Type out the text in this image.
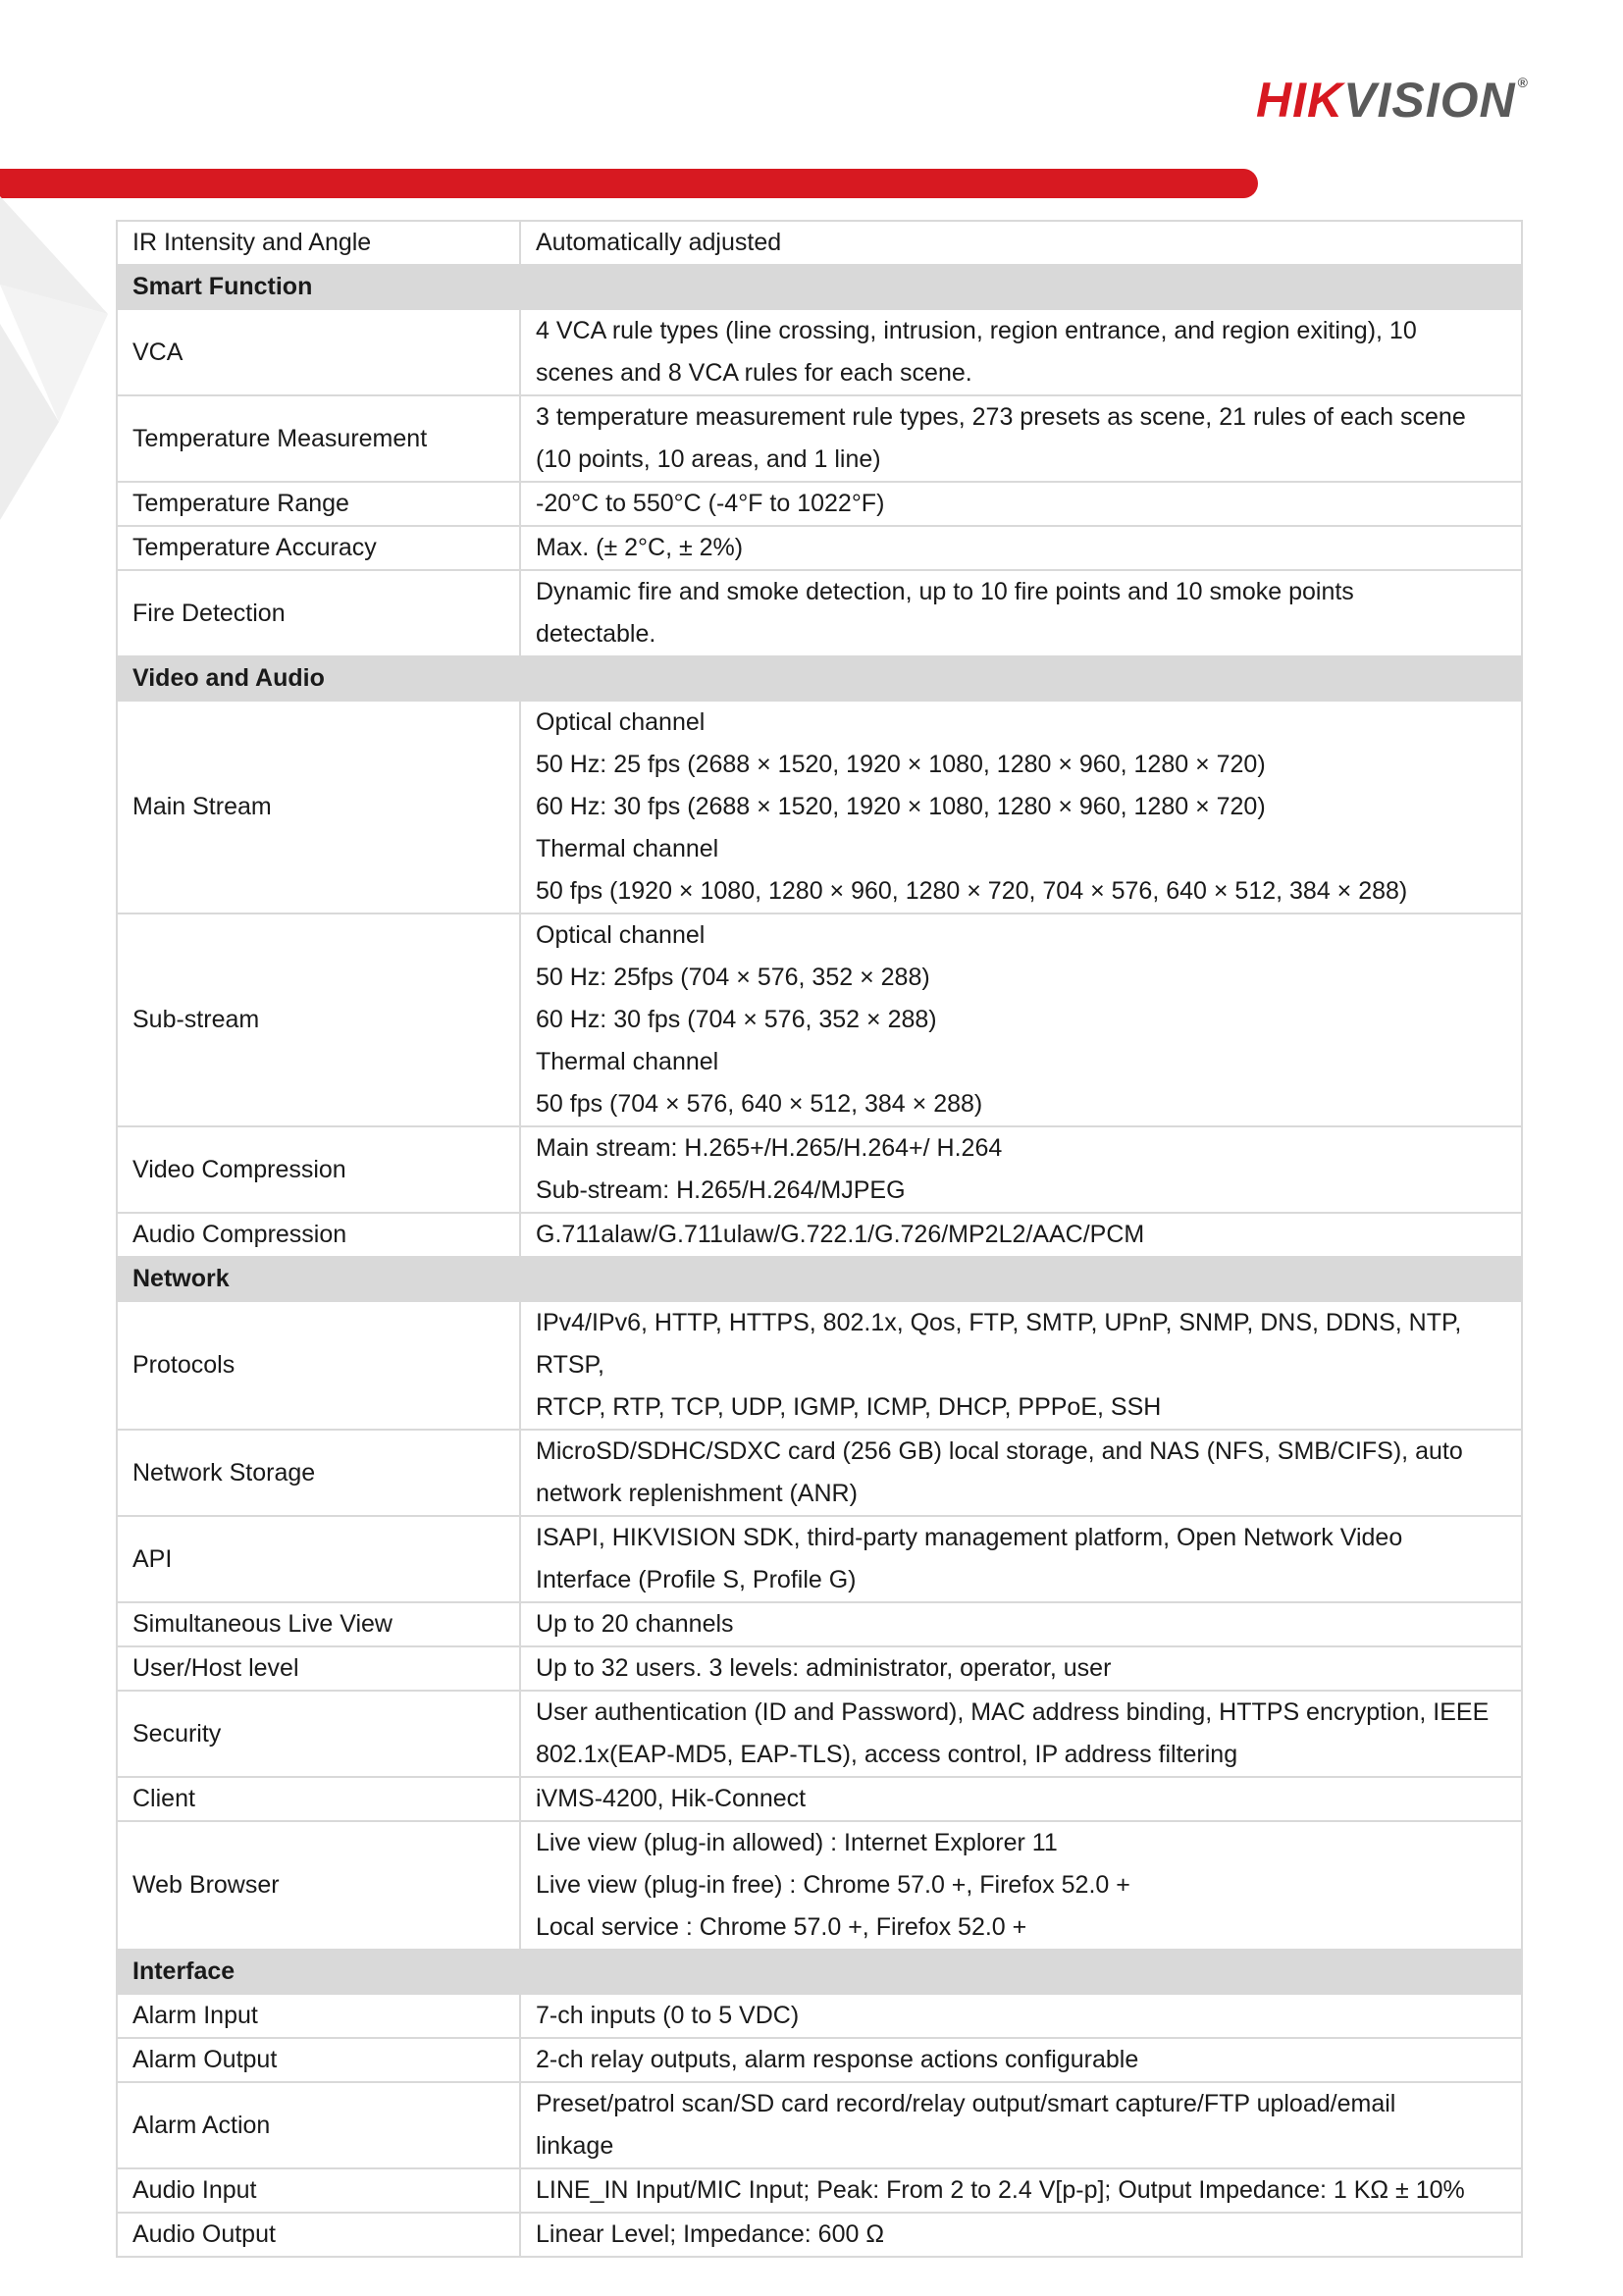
HIKVISION ®
IR Intensity and Angle	Automatically adjusted

Smart Function	
VCA	4 VCA rule types (line crossing, intrusion, region entrance, and region exiting), 10
scenes and 8 VCA rules for each scene.

Temperature Measurement	3 temperature measurement rule types, 273 presets as scene, 21 rules of each scene
(10 points, 10 areas, and 1 line)

Temperature Range	-20°C to 550°C (-4°F to 1022°F)

Temperature Accuracy	Max. (± 2°C, ± 2%)

Fire Detection	Dynamic fire and smoke detection, up to 10 fire points and 10 smoke points
detectable.

Video and Audio	
Main Stream	Optical channel
50 Hz: 25 fps (2688 × 1520, 1920 × 1080, 1280 × 960, 1280 × 720)
60 Hz: 30 fps (2688 × 1520, 1920 × 1080, 1280 × 960, 1280 × 720)
Thermal channel
50 fps (1920 × 1080, 1280 × 960, 1280 × 720, 704 × 576, 640 × 512, 384 × 288)

Sub-stream	Optical channel
50 Hz: 25fps (704 × 576, 352 × 288)
60 Hz: 30 fps (704 × 576, 352 × 288)
Thermal channel
50 fps (704 × 576, 640 × 512, 384 × 288)

Video Compression	Main stream: H.265+/H.265/H.264+/ H.264
Sub-stream: H.265/H.264/MJPEG

Audio Compression	G.711alaw/G.711ulaw/G.722.1/G.726/MP2L2/AAC/PCM

Network	
Protocols	IPv4/IPv6, HTTP, HTTPS, 802.1x, Qos, FTP, SMTP, UPnP, SNMP, DNS, DDNS, NTP, RTSP,
RTCP, RTP, TCP, UDP, IGMP, ICMP, DHCP, PPPoE, SSH

Network Storage	MicroSD/SDHC/SDXC card (256 GB) local storage, and NAS (NFS, SMB/CIFS), auto
network replenishment (ANR)

API	ISAPI, HIKVISION SDK, third-party management platform, Open Network Video
Interface (Profile S, Profile G)

Simultaneous Live View	Up to 20 channels

User/Host level	Up to 32 users. 3 levels: administrator, operator, user

Security	User authentication (ID and Password), MAC address binding, HTTPS encryption, IEEE
802.1x(EAP-MD5, EAP-TLS), access control, IP address filtering

Client	iVMS-4200, Hik-Connect

Web Browser	Live view (plug-in allowed) : Internet Explorer 11
Live view (plug-in free) : Chrome 57.0 +, Firefox 52.0 +
Local service : Chrome 57.0 +, Firefox 52.0 +

Interface	
Alarm Input	7-ch inputs (0 to 5 VDC)

Alarm Output	2-ch relay outputs, alarm response actions configurable

Alarm Action	Preset/patrol scan/SD card record/relay output/smart capture/FTP upload/email
linkage

Audio Input	LINE_IN Input/MIC Input; Peak: From 2 to 2.4 V[p-p]; Output Impedance: 1 KΩ ± 10%

Audio Output	Linear Level; Impedance: 600 Ω
